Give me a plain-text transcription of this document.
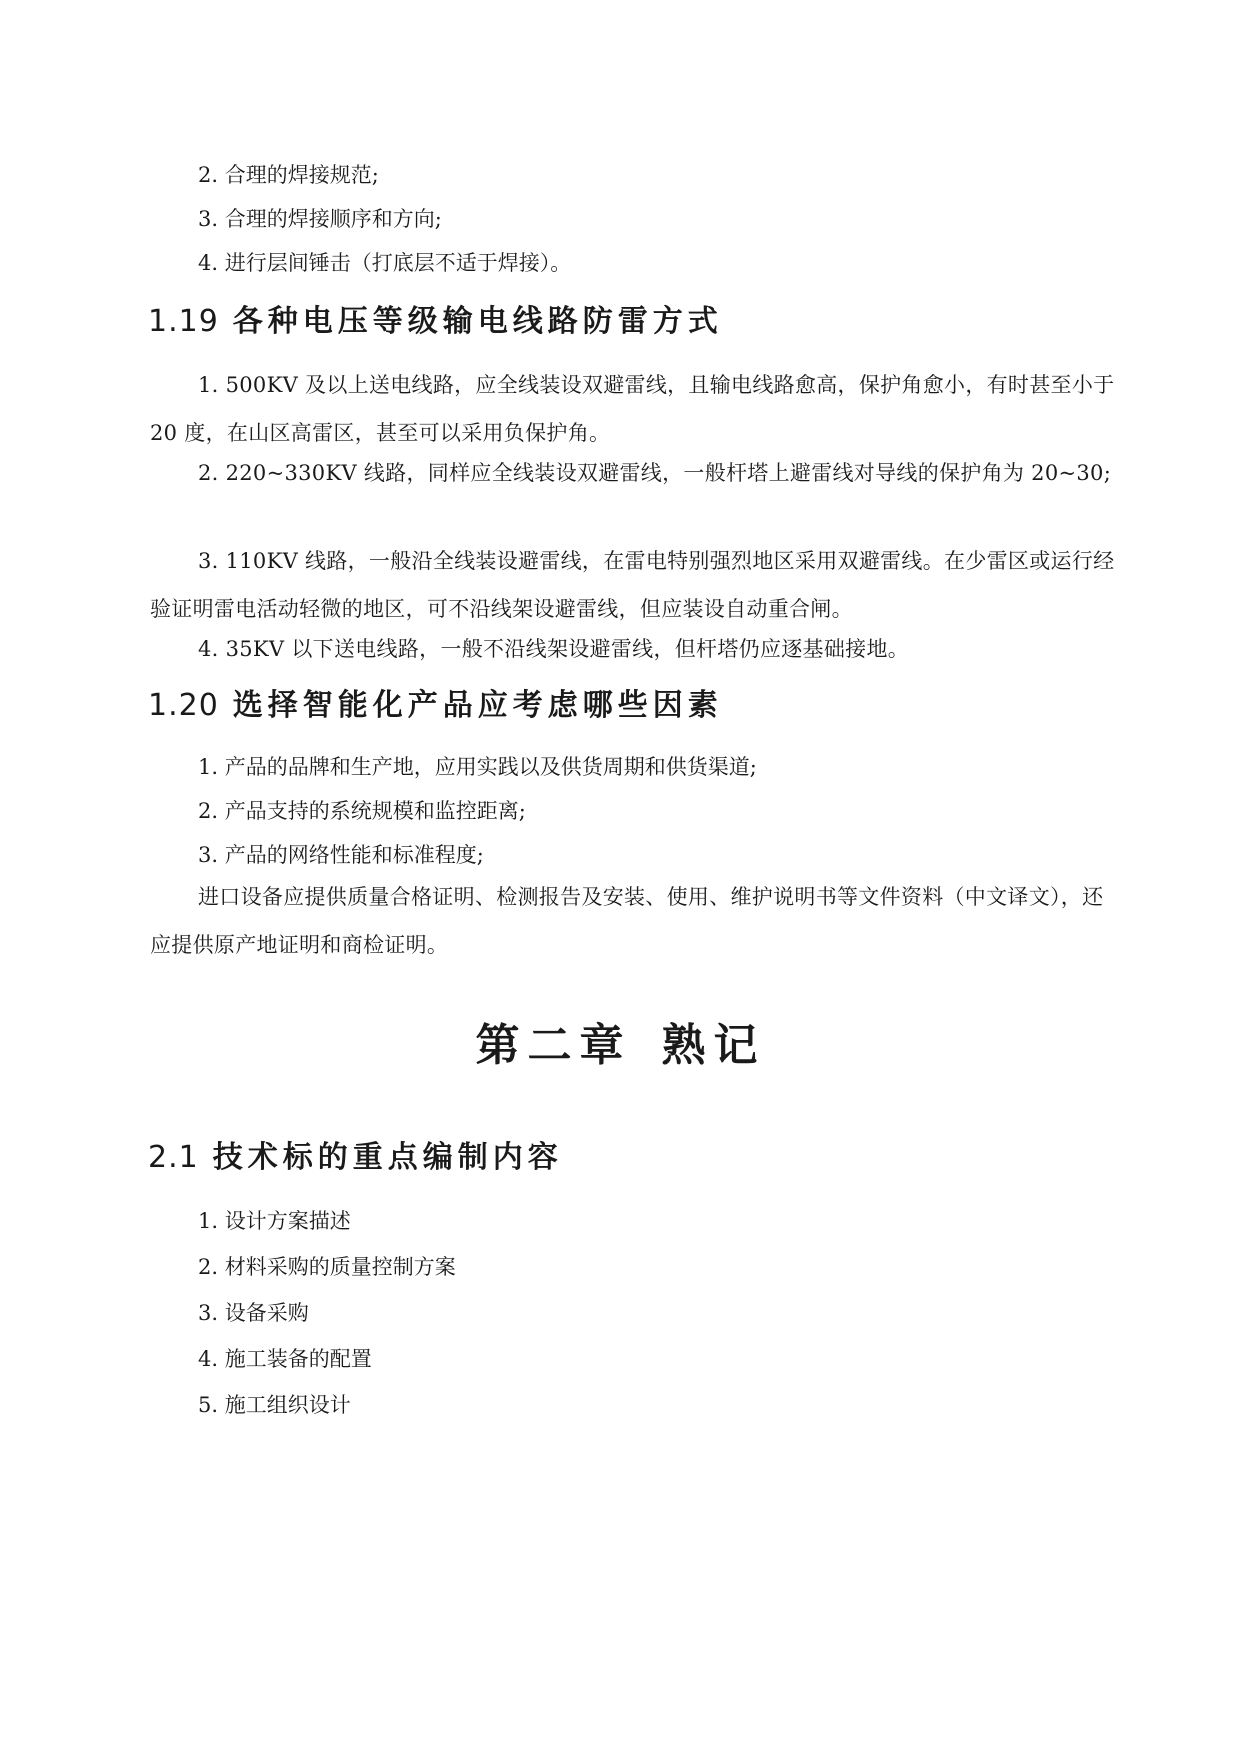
2. 合理的焊接规范;
3. 合理的焊接顺序和方向;
4. 进行层间锤击（打底层不适于焊接）。
1.19 各种电压等级输电线路防雷方式
1. 500KV 及以上送电线路，应全线装设双避雷线，且输电线路愈高，保护角愈小，有时甚至小于 20 度，在山区高雷区，甚至可以采用负保护角。
2. 220~330KV 线路，同样应全线装设双避雷线，一般杆塔上避雷线对导线的保护角为 20~30;
3. 110KV 线路，一般沿全线装设避雷线，在雷电特别强烈地区采用双避雷线。在少雷区或运行经验证明雷电活动轻微的地区，可不沿线架设避雷线，但应装设自动重合闸。
4. 35KV 以下送电线路，一般不沿线架设避雷线，但杆塔仍应逐基础接地。
1.20 选择智能化产品应考虑哪些因素
1. 产品的品牌和生产地，应用实践以及供货周期和供货渠道;
2. 产品支持的系统规模和监控距离;
3. 产品的网络性能和标准程度;
进口设备应提供质量合格证明、检测报告及安装、使用、维护说明书等文件资料（中文译文），还应提供原产地证明和商检证明。
第二章 熟记
2.1 技术标的重点编制内容
1. 设计方案描述
2. 材料采购的质量控制方案
3. 设备采购
4. 施工装备的配置
5. 施工组织设计
